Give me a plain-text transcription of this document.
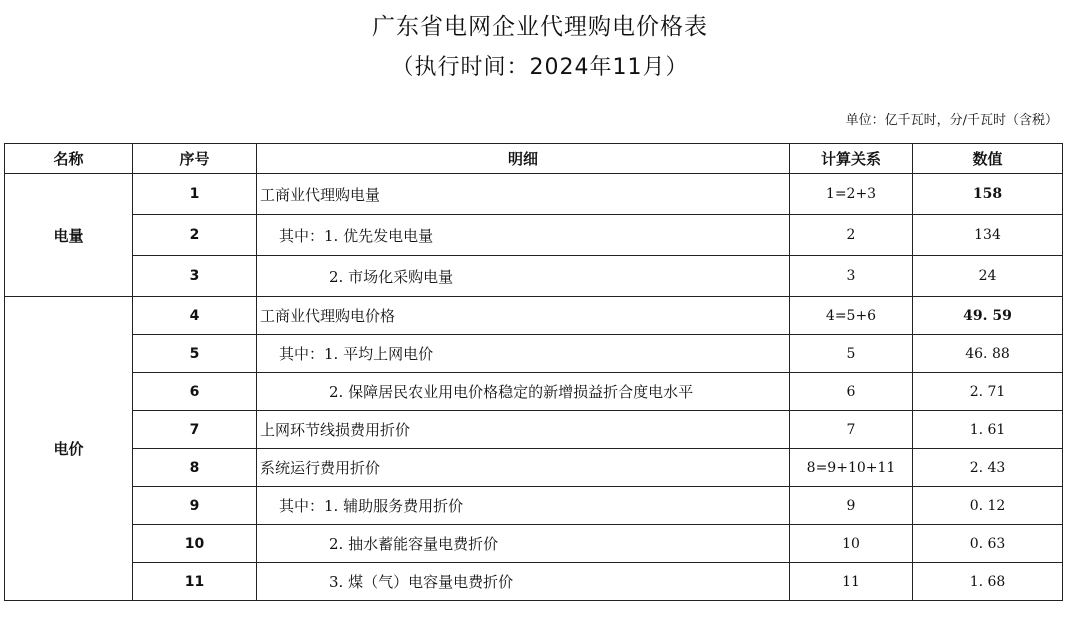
广东省电网企业代理购电价格表
（执行时间：2024年11月）
单位：亿千瓦时，分/千瓦时（含税）
名称	序号	明细	计算关系	数值
电量	1	工商业代理购电量	1=2+3	158
	2	其中：1. 优先发电电量	2	134
	3	2. 市场化采购电量	3	24
电价	4	工商业代理购电价格	4=5+6	49. 59
	5	其中：1. 平均上网电价	5	46. 88
	6	2. 保障居民农业用电价格稳定的新增损益折合度电水平	6	2. 71
	7	上网环节线损费用折价	7	1. 61
	8	系统运行费用折价	8=9+10+11	2. 43
	9	其中：1. 辅助服务费用折价	9	0. 12
	10	2. 抽水蓄能容量电费折价	10	0. 63
	11	3. 煤（气）电容量电费折价	11	1. 68
